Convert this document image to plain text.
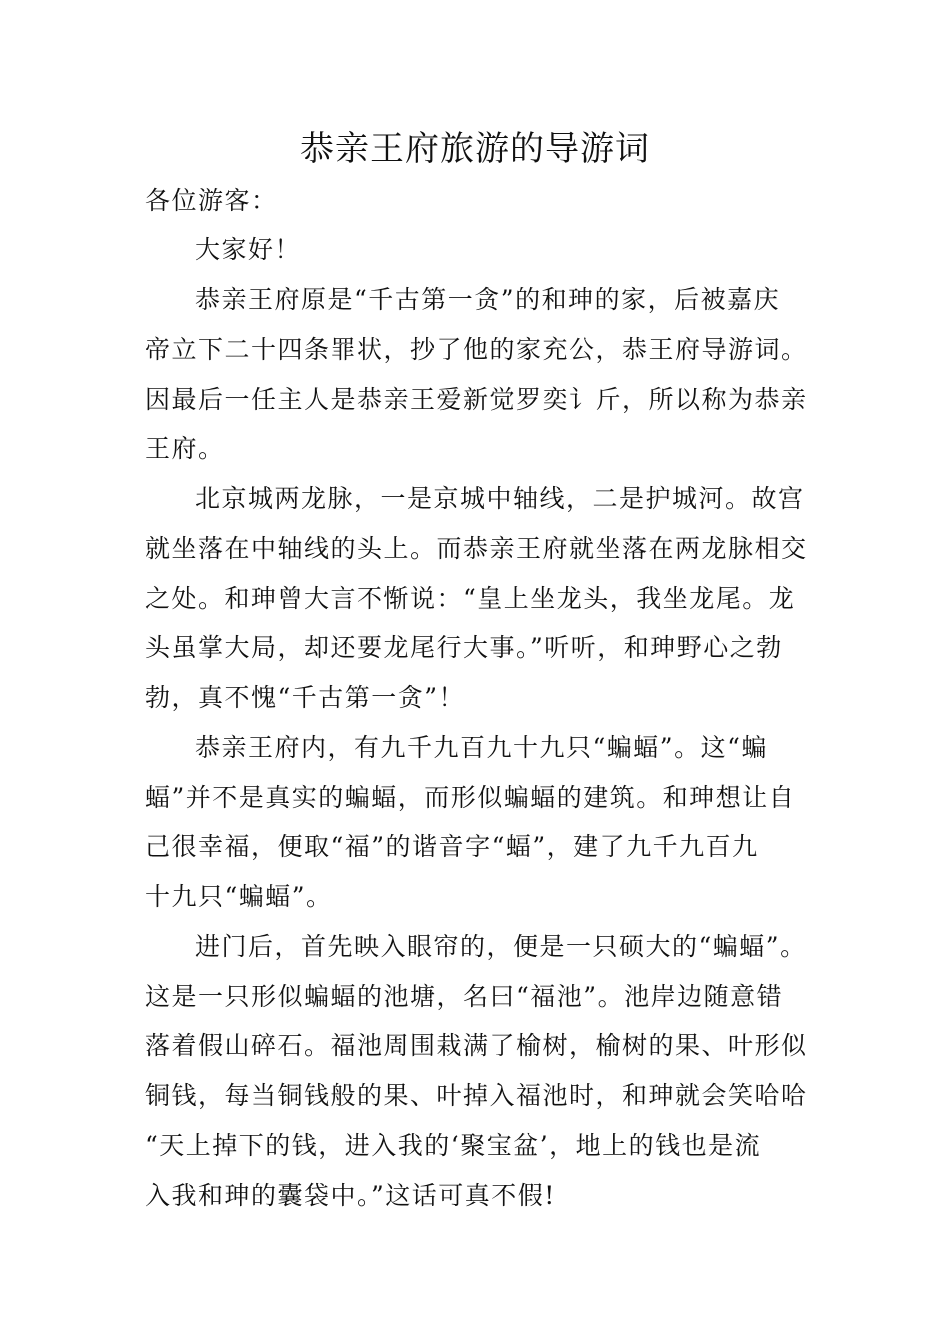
恭亲王府旅游的导游词
各位游客：
大家好！
恭亲王府原是“千古第一贪”的和珅的家，后被嘉庆
帝立下二十四条罪状，抄了他的家充公，恭王府导游词。
因最后一任主人是恭亲王爱新觉罗奕讠斤，所以称为恭亲
王府。
北京城两龙脉，一是京城中轴线，二是护城河。故宫
就坐落在中轴线的头上。而恭亲王府就坐落在两龙脉相交
之处。和珅曾大言不惭说：“皇上坐龙头，我坐龙尾。龙
头虽掌大局，却还要龙尾行大事。”听听，和珅野心之勃
勃，真不愧“千古第一贪”！
恭亲王府内，有九千九百九十九只“蝙蝠”。这“蝙
蝠”并不是真实的蝙蝠，而形似蝙蝠的建筑。和珅想让自
己很幸福，便取“福”的谐音字“蝠”，建了九千九百九
十九只“蝙蝠”。
进门后，首先映入眼帘的，便是一只硕大的“蝙蝠”。
这是一只形似蝙蝠的池塘，名曰“福池”。池岸边随意错
落着假山碎石。福池周围栽满了榆树，榆树的果、叶形似
铜钱，每当铜钱般的果、叶掉入福池时，和珅就会笑哈哈
“天上掉下的钱，进入我的‘聚宝盆’，地上的钱也是流
入我和珅的囊袋中。”这话可真不假!
